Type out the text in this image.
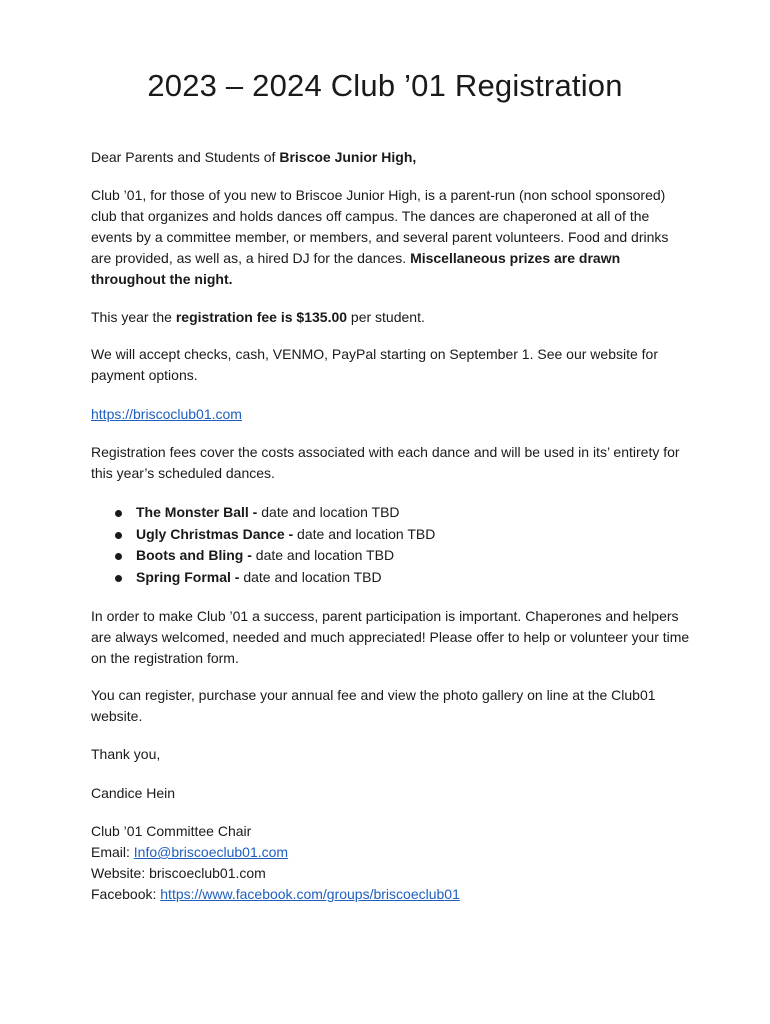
2023 – 2024 Club ’01 Registration
Dear Parents and Students of Briscoe Junior High,
Club ’01, for those of you new to Briscoe Junior High, is a parent-run (non school sponsored) club that organizes and holds dances off campus. The dances are chaperoned at all of the events by a committee member, or members, and several parent volunteers. Food and drinks are provided, as well as, a hired DJ for the dances. Miscellaneous prizes are drawn throughout the night.
This year the registration fee is $135.00 per student.
We will accept checks, cash, VENMO, PayPal starting on September 1. See our website for payment options.
https://briscoclub01.com
Registration fees cover the costs associated with each dance and will be used in its’ entirety for this year’s scheduled dances.
The Monster Ball - date and location TBD
Ugly Christmas Dance - date and location TBD
Boots and Bling - date and location TBD
Spring Formal - date and location TBD
In order to make Club ’01 a success, parent participation is important. Chaperones and helpers are always welcomed, needed and much appreciated! Please offer to help or volunteer your time on the registration form.
You can register, purchase your annual fee and view the photo gallery on line at the Club01 website.
Thank you,
Candice Hein
Club ’01 Committee Chair
Email: Info@briscoeclub01.com
Website: briscoeclub01.com
Facebook: https://www.facebook.com/groups/briscoeclub01
